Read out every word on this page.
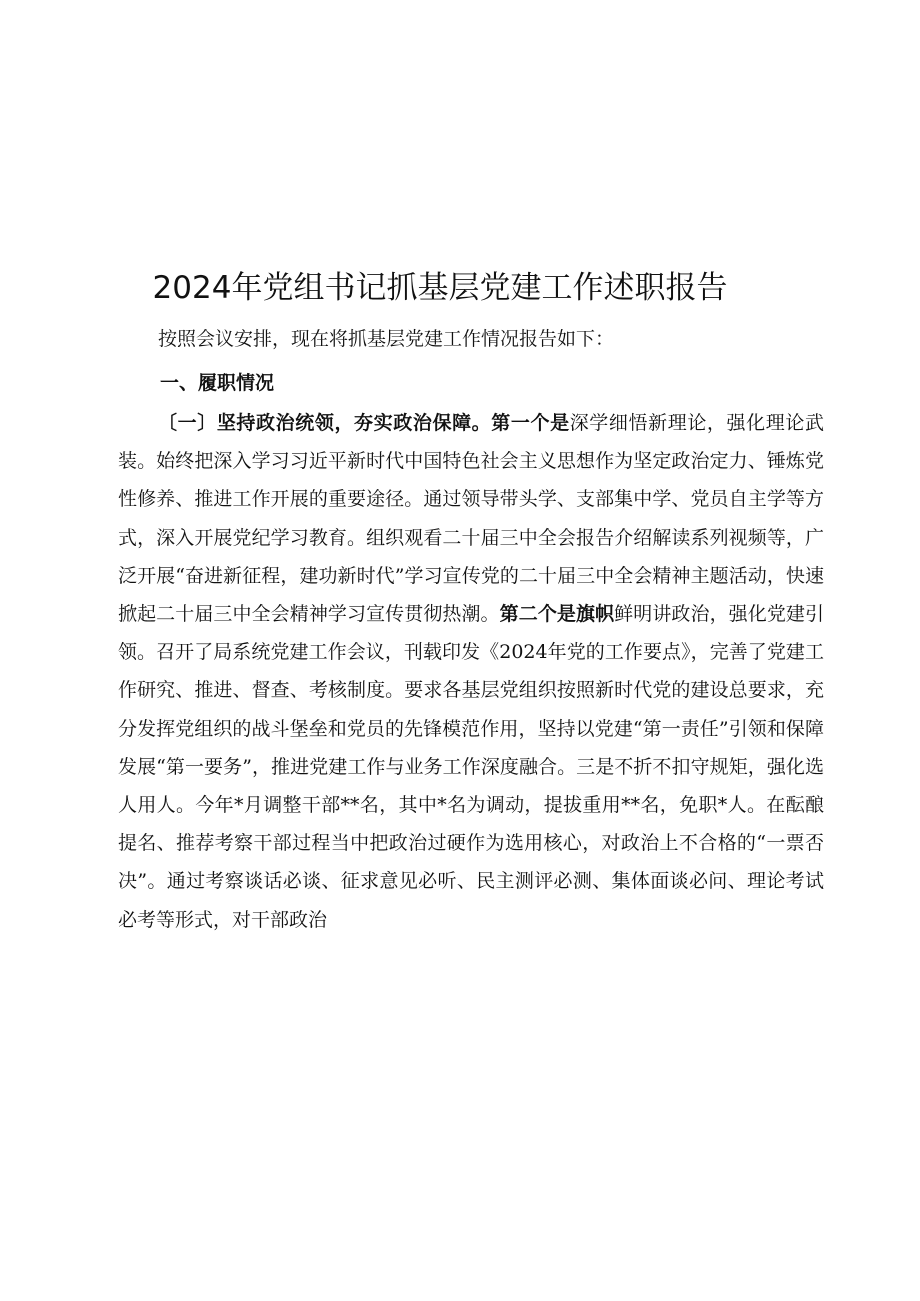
2024年党组书记抓基层党建工作述职报告
按照会议安排，现在将抓基层党建工作情况报告如下：
一、履职情况
〔一〕坚持政治统领，夯实政治保障。第一个是深学细悟新理论，强化理论武装。始终把深入学习习近平新时代中国特色社会主义思想作为坚定政治定力、锤炼党性修养、推进工作开展的重要途径。通过领导带头学、支部集中学、党员自主学等方式，深入开展党纪学习教育。组织观看二十届三中全会报告介绍解读系列视频等，广泛开展“奋进新征程，建功新时代”学习宣传党的二十届三中全会精神主题活动，快速掀起二十届三中全会精神学习宣传贯彻热潮。第二个是旗帜鲜明讲政治，强化党建引领。召开了局系统党建工作会议，刊载印发《2024年党的工作要点》，完善了党建工作研究、推进、督查、考核制度。要求各基层党组织按照新时代党的建设总要求，充分发挥党组织的战斗堡垒和党员的先锋模范作用，坚持以党建“第一责任”引领和保障发展“第一要务”，推进党建工作与业务工作深度融合。三是不折不扣守规矩，强化选人用人。今年*月调整干部**名，其中*名为调动，提拔重用**名，免职*人。在酝酿提名、推荐考察干部过程当中把政治过硬作为选用核心，对政治上不合格的“一票否决”。通过考察谈话必谈、征求意见必听、民主测评必测、集体面谈必问、理论考试必考等形式，对干部政治
